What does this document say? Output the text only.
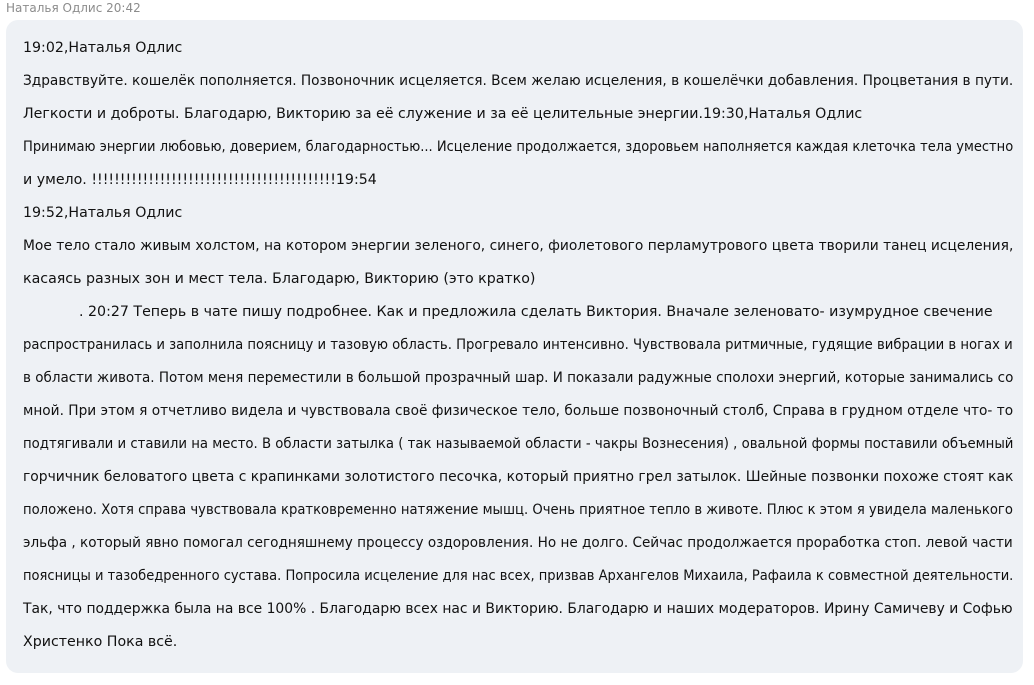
Наталья Одлис 20:42
19:02,Наталья Одлис
Здравствуйте. кошелёк пополняется. Позвоночник исцеляется. Всем желаю исцеления, в кошелёчки добавления. Процветания в пути.
Легкости и доброты. Благодарю, Викторию за её служение и за её целительные энергии.19:30,Наталья Одлис
Принимаю энергии любовью, доверием, благодарностью... Исцеление продолжается, здоровьем наполняется каждая клеточка тела уместно
и умело. !!!!!!!!!!!!!!!!!!!!!!!!!!!!!!!!!!!!!!!!!!!19:54
19:52,Наталья Одлис
Мое тело стало живым холстом, на котором энергии зеленого, синего, фиолетового перламутрового цвета творили танец исцеления,
касаясь разных зон и мест тела. Благодарю, Викторию (это кратко)
. 20:27 Теперь в чате пишу подробнее. Как и предложила сделать Виктория. Вначале зеленовато- изумрудное свечение
распространилась и заполнила поясницу и тазовую область. Прогревало интенсивно. Чувствовала ритмичные, гудящие вибрации в ногах и
в области живота. Потом меня переместили в большой прозрачный шар. И показали радужные сполохи энергий, которые занимались со
мной. При этом я отчетливо видела и чувствовала своё физическое тело, больше позвоночный столб, Справа в грудном отделе что- то
подтягивали и ставили на место. В области затылка ( так называемой области - чакры Вознесения) , овальной формы поставили объемный
горчичник беловатого цвета с крапинками золотистого песочка, который приятно грел затылок. Шейные позвонки похоже стоят как
положено. Хотя справа чувствовала кратковременно натяжение мышц. Очень приятное тепло в животе. Плюс к этом я увидела маленького
эльфа , который явно помогал сегодняшнему процессу оздоровления. Но не долго. Сейчас продолжается проработка стоп. левой части
поясницы и тазобедренного сустава. Попросила исцеление для нас всех, призвав Архангелов Михаила, Рафаила к совместной деятельности.
Так, что поддержка была на все 100% . Благодарю всех нас и Викторию. Благодарю и наших модераторов. Ирину Самичеву и Софью
Христенко Пока всё.
